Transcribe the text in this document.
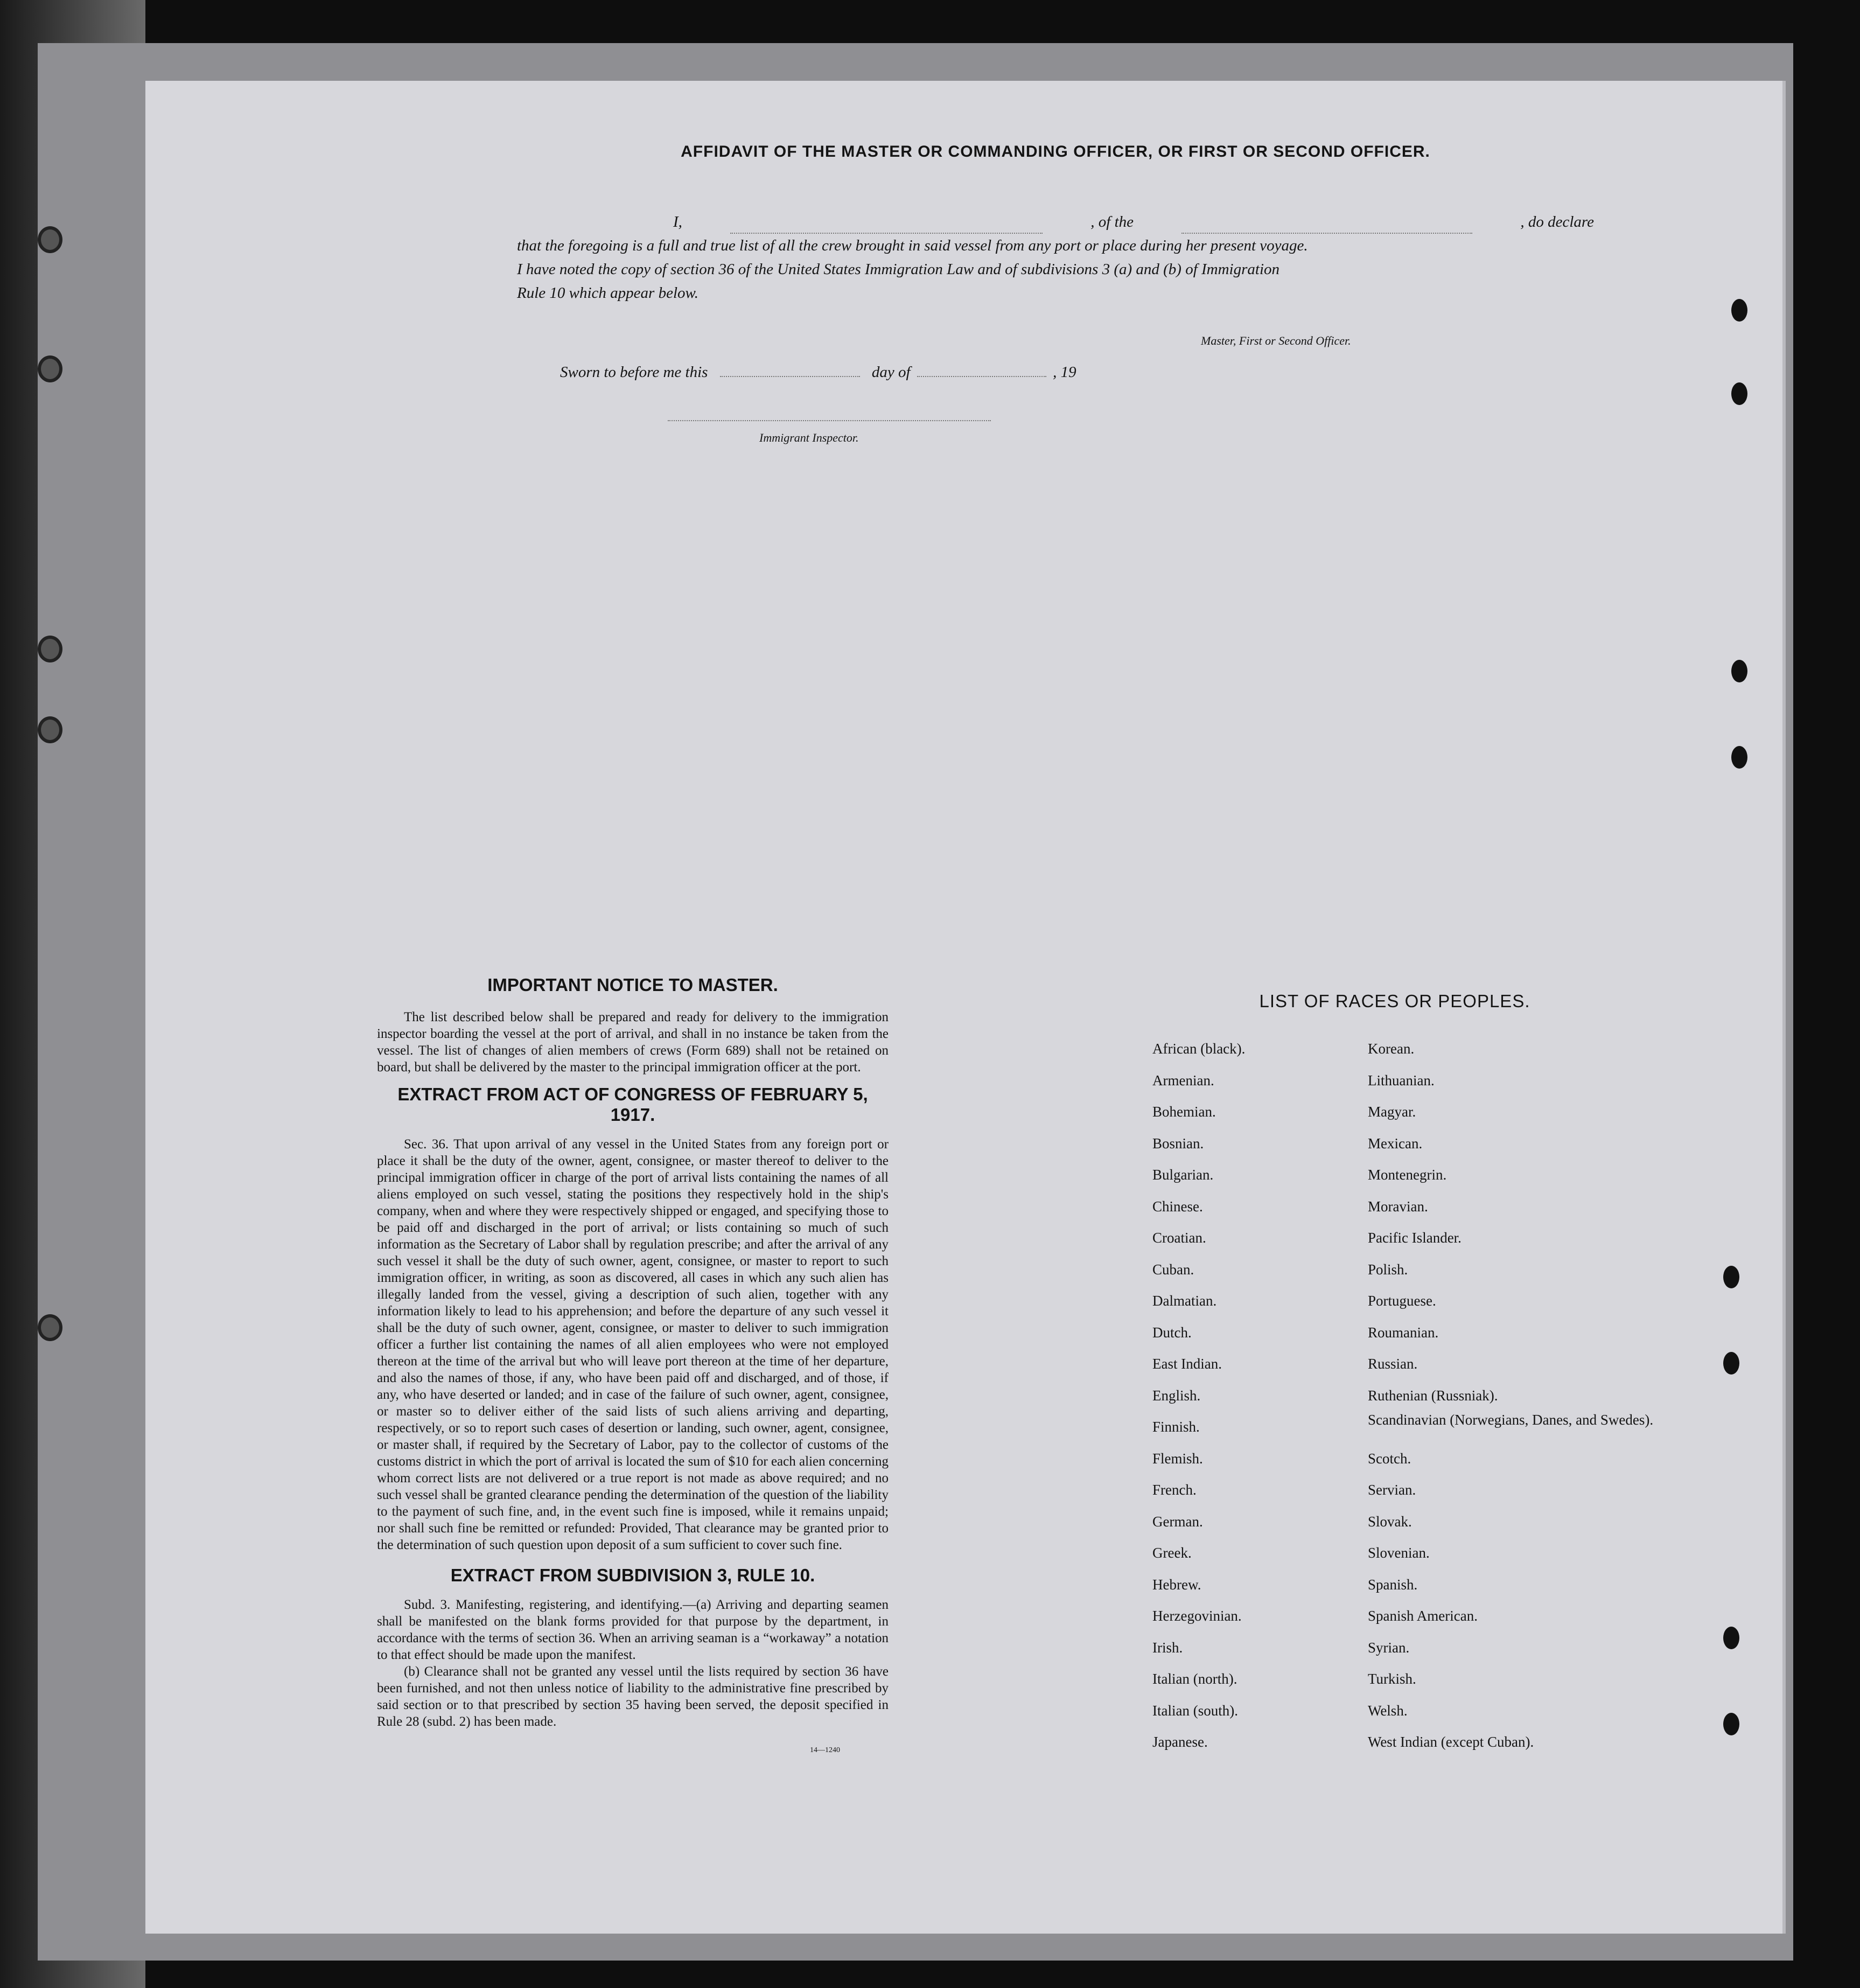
AFFIDAVIT OF THE MASTER OR COMMANDING OFFICER, OR FIRST OR SECOND OFFICER.

I,	, of the	, do declare

that the foregoing is a full and true list of all the crew brought in said vessel from any port or place during her present voyage.

I have noted the copy of section 36 of the United States Immigration Law and of subdivisions 3 (a) and (b) of Immigration

Rule 10 which appear below.

Master, First or Second Officer.
Sworn to before me this	day of	, 19
Immigrant Inspector.
IMPORTANT NOTICE TO MASTER.

The list described below shall be prepared and ready for delivery to the immigration inspector boarding the vessel at the port of arrival, and shall in no instance be taken from the vessel. The list of changes of alien members of crews (Form 689) shall not be retained on board, but shall be delivered by the master to the principal immigration officer at the port.

EXTRACT FROM ACT OF CONGRESS OF FEBRUARY 5, 1917.

Sec. 36. That upon arrival of any vessel in the United States from any foreign port or place it shall be the duty of the owner, agent, consignee, or master thereof to deliver to the principal immigration officer in charge of the port of arrival lists containing the names of all aliens employed on such vessel, stating the positions they respectively hold in the ship's company, when and where they were respectively shipped or engaged, and specifying those to be paid off and discharged in the port of arrival; or lists containing so much of such information as the Secretary of Labor shall by regulation prescribe; and after the arrival of any such vessel it shall be the duty of such owner, agent, consignee, or master to report to such immigration officer, in writing, as soon as discovered, all cases in which any such alien has illegally landed from the vessel, giving a description of such alien, together with any information likely to lead to his apprehension; and before the departure of any such vessel it shall be the duty of such owner, agent, consignee, or master to deliver to such immigration officer a further list containing the names of all alien employees who were not employed thereon at the time of the arrival but who will leave port thereon at the time of her departure, and also the names of those, if any, who have been paid off and discharged, and of those, if any, who have deserted or landed; and in case of the failure of such owner, agent, consignee, or master so to deliver either of the said lists of such aliens arriving and departing, respectively, or so to report such cases of desertion or landing, such owner, agent, consignee, or master shall, if required by the Secretary of Labor, pay to the collector of customs of the customs district in which the port of arrival is located the sum of $10 for each alien concerning whom correct lists are not delivered or a true report is not made as above required; and no such vessel shall be granted clearance pending the determination of the question of the liability to the payment of such fine, and, in the event such fine is imposed, while it remains unpaid; nor shall such fine be remitted or refunded: Provided, That clearance may be granted prior to the determination of such question upon deposit of a sum sufficient to cover such fine.

EXTRACT FROM SUBDIVISION 3, RULE 10.

Subd. 3. Manifesting, registering, and identifying.—(a) Arriving and departing seamen shall be manifested on the blank forms provided for that purpose by the department, in accordance with the terms of section 36. When an arriving seaman is a “workaway” a notation to that effect should be made upon the manifest.

(b) Clearance shall not be granted any vessel until the lists required by section 36 have been furnished, and not then unless notice of liability to the administrative fine prescribed by said section or to that prescribed by section 35 having been served, the deposit specified in Rule 28 (subd. 2) has been made.

14—1240

LIST OF RACES OR PEOPLES.
African (black).	Korean.
Armenian.	Lithuanian.
Bohemian.	Magyar.
Bosnian.	Mexican.
Bulgarian.	Montenegrin.
Chinese.	Moravian.
Croatian.	Pacific Islander.
Cuban.	Polish.
Dalmatian.	Portuguese.
Dutch.	Roumanian.
East Indian.	Russian.
English.	Ruthenian (Russniak).
Finnish.	Scandinavian (Norwegians, Danes, and Swedes).
Flemish.	Scotch.
French.	Servian.
German.	Slovak.
Greek.	Slovenian.
Hebrew.	Spanish.
Herzegovinian.	Spanish American.
Irish.	Syrian.
Italian (north).	Turkish.
Italian (south).	Welsh.
Japanese.	West Indian (except Cuban).
